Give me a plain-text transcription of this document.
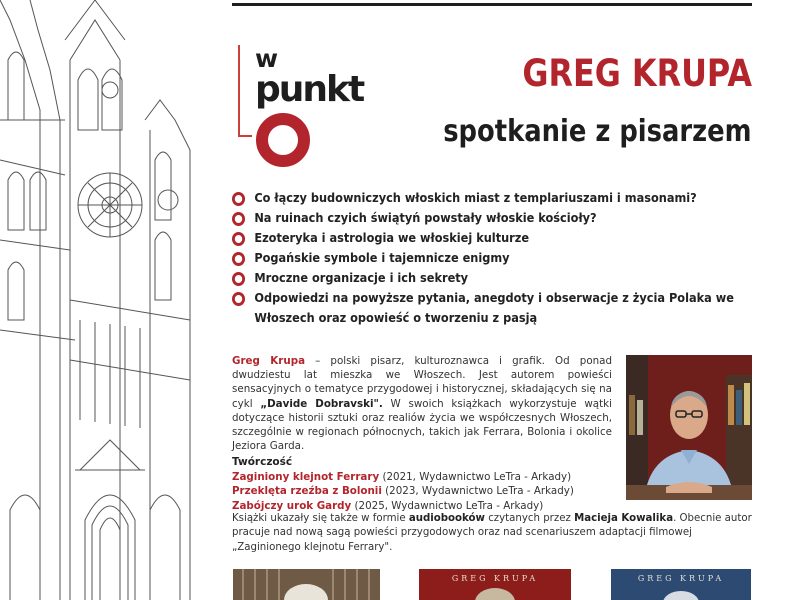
w
punkt	GREG KRUPA
spotkanie z pisarzem
Co łączy budowniczych włoskich miast z templariuszami i masonami?
Na ruinach czyich świątyń powstały włoskie kościoły?
Ezoteryka i astrologia we włoskiej kulturze
Pogańskie symbole i tajemnicze enigmy
Mroczne organizacje i ich sekrety
Odpowiedzi na powyższe pytania, anegdoty i obserwacje z życia Polaka we Włoszech oraz opowieść o tworzeniu z pasją

Greg Krupa – polski pisarz, kulturoznawca i grafik. Od ponad dwudziestu lat mieszka we Włoszech. Jest autorem powieści sensacyjnych o tematyce przygodowej i historycznej, składających się na cykl „Davide Dobravski". W swoich książkach wykorzystuje wątki dotyczące historii sztuki oraz realiów życia we współczesnych Włoszech, szczególnie w regionach północnych, takich jak Ferrara, Bolonia i okolice Jeziora Garda.

Twórczość

Zaginiony klejnot Ferrary (2021, Wydawnictwo LeTra - Arkady)
Przeklęta rzeźba z Bolonii (2023, Wydawnictwo LeTra - Arkady)
Zabójczy urok Gardy (2025, Wydawnictwo LeTra - Arkady)

Książki ukazały się także w formie audiobooków czytanych przez Macieja Kowalika. Obecnie autor pracuje nad nową sagą powieści przygodowych oraz nad scenariuszem adaptacji filmowej „Zaginionego klejnotu Ferrary".

GREG KRUPA	GREG KRUPA
